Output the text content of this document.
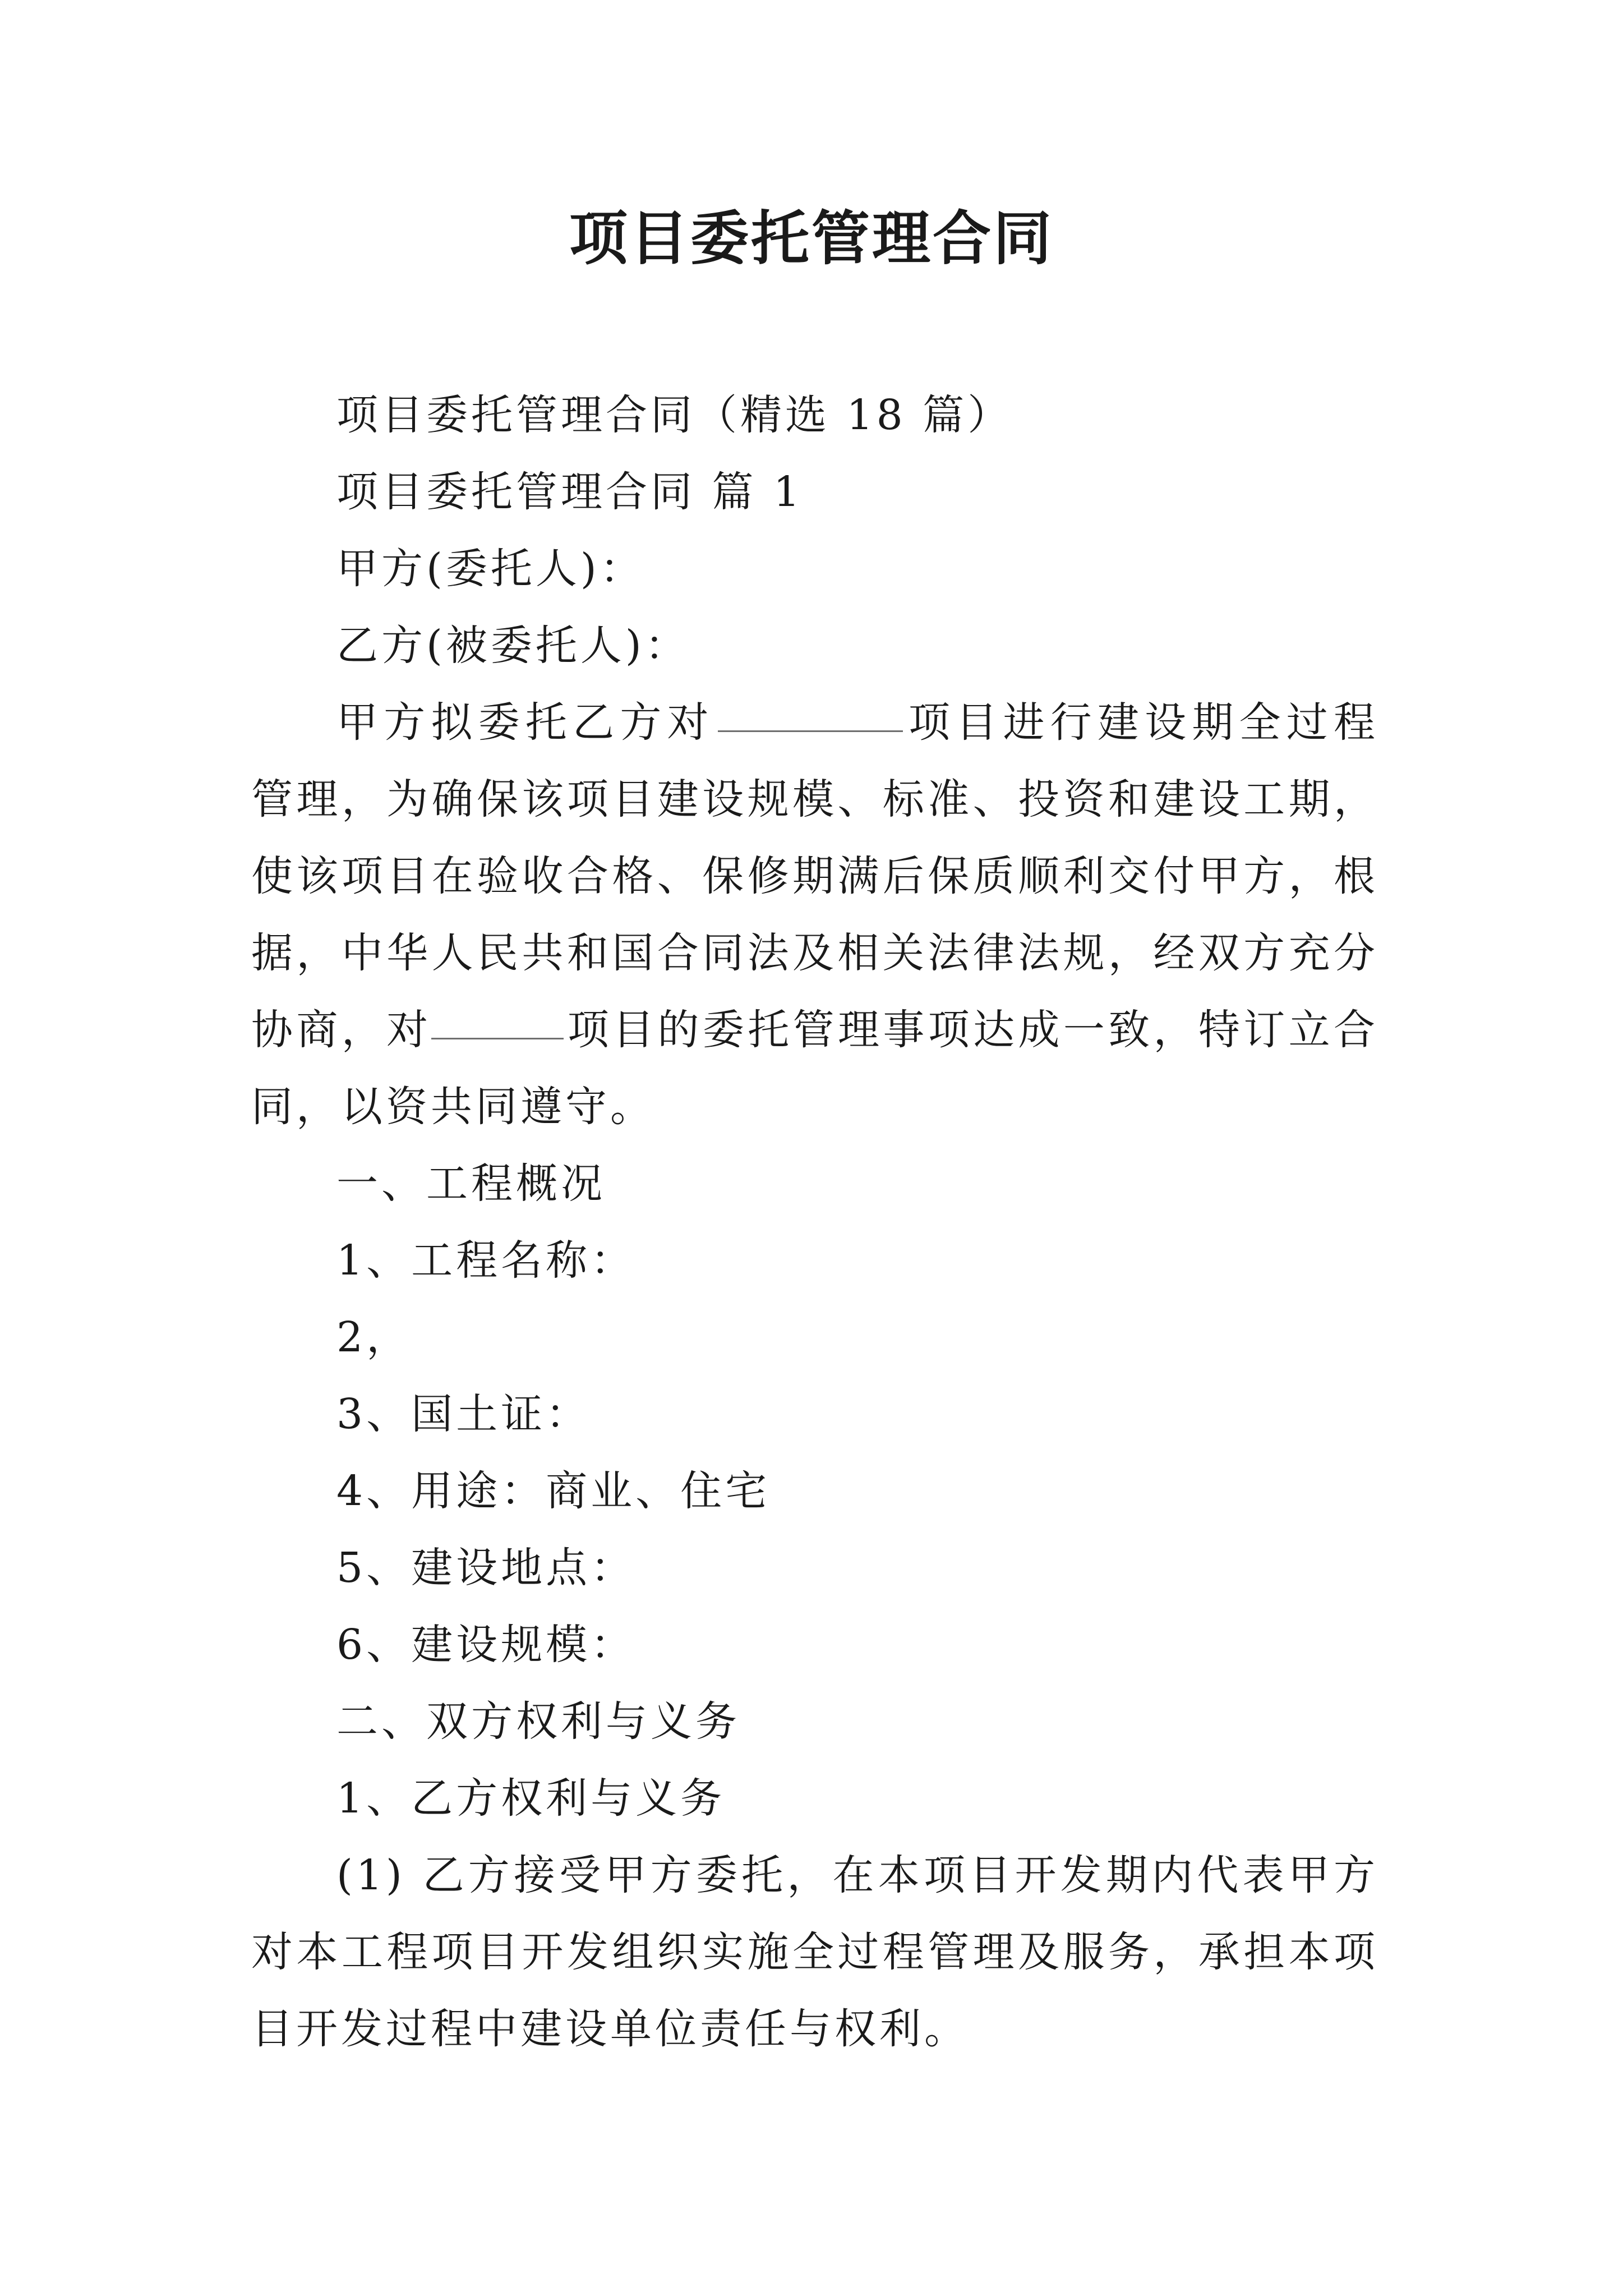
项目委托管理合同

项目委托管理合同（精选 18 篇）

项目委托管理合同 篇 1

甲方(委托人)：

乙方(被委托人)：

甲方拟委托乙方对	项目进行建设期全过程管理，为确保该项目建设规模、标准、投资和建设工期，使该项目在验收合格、保修期满后保质顺利交付甲方，根据，中华人民共和国合同法及相关法律法规，经双方充分协商，对	项目的委托管理事项达成一致，特订立合同，以资共同遵守。

一、工程概况

1、工程名称：

2，

3、国土证：

4、用途：商业、住宅

5、建设地点：

6、建设规模：

二、双方权利与义务

1、乙方权利与义务

(1) 乙方接受甲方委托，在本项目开发期内代表甲方对本工程项目开发组织实施全过程管理及服务，承担本项目开发过程中建设单位责任与权利。
